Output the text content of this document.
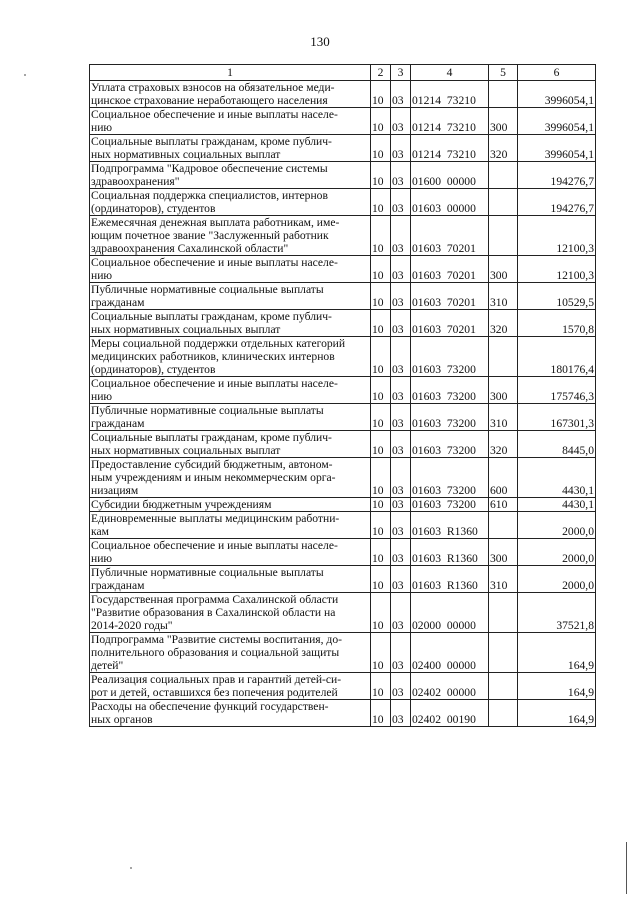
130
1	2	3	4	5	6
Уплата страховых взносов на обязательное меди-
цинское страхование неработающего населения	10	03	01214 73210		3996054,1
Социальное обеспечение и иные выплаты населе-
нию	10	03	01214 73210	300	3996054,1
Социальные выплаты гражданам, кроме публич-
ных нормативных социальных выплат	10	03	01214 73210	320	3996054,1
Подпрограмма "Кадровое обеспечение системы
здравоохранения"	10	03	01600 00000		194276,7
Социальная поддержка специалистов, интернов
(ординаторов), студентов	10	03	01603 00000		194276,7
Ежемесячная денежная выплата работникам, име-
ющим почетное звание "Заслуженный работник
здравоохранения Сахалинской области"	10	03	01603 70201		12100,3
Социальное обеспечение и иные выплаты населе-
нию	10	03	01603 70201	300	12100,3
Публичные нормативные социальные выплаты
гражданам	10	03	01603 70201	310	10529,5
Социальные выплаты гражданам, кроме публич-
ных нормативных социальных выплат	10	03	01603 70201	320	1570,8
Меры социальной поддержки отдельных категорий
медицинских работников, клинических интернов
(ординаторов), студентов	10	03	01603 73200		180176,4
Социальное обеспечение и иные выплаты населе-
нию	10	03	01603 73200	300	175746,3
Публичные нормативные социальные выплаты
гражданам	10	03	01603 73200	310	167301,3
Социальные выплаты гражданам, кроме публич-
ных нормативных социальных выплат	10	03	01603 73200	320	8445,0
Предоставление субсидий бюджетным, автоном-
ным учреждениям и иным некоммерческим орга-
низациям	10	03	01603 73200	600	4430,1
Субсидии бюджетным учреждениям	10	03	01603 73200	610	4430,1
Единовременные выплаты медицинским работни-
кам	10	03	01603 R1360		2000,0
Социальное обеспечение и иные выплаты населе-
нию	10	03	01603 R1360	300	2000,0
Публичные нормативные социальные выплаты
гражданам	10	03	01603 R1360	310	2000,0
Государственная программа Сахалинской области
"Развитие образования в Сахалинской области на
2014-2020 годы"	10	03	02000 00000		37521,8
Подпрограмма "Развитие системы воспитания, до-
полнительного образования и социальной защиты
детей"	10	03	02400 00000		164,9
Реализация социальных прав и гарантий детей-си-
рот и детей, оставшихся без попечения родителей	10	03	02402 00000		164,9
Расходы на обеспечение функций государствен-
ных органов	10	03	02402 00190		164,9
